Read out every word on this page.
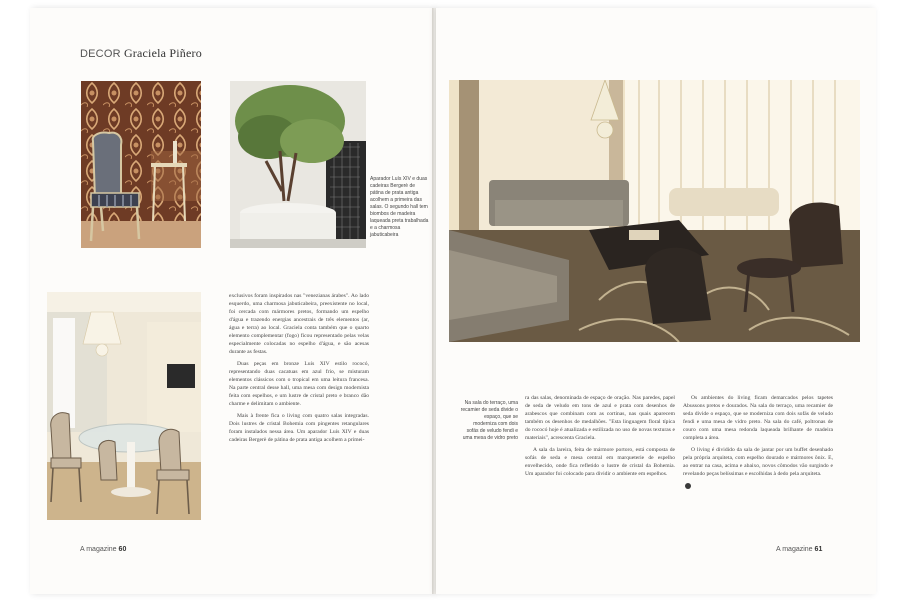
DECOR Graciela Piñero
Aparador Luís XIV e duas cadeiras Bergerè de pátina de prata antiga acolhem a primeira das salas. O segundo hall tem biombos de madeira laqueada preta trabalhada e a charmosa jabuticabeira

exclusivos foram inspirados nas "venezianas árabes". Ao lado esquerdo, uma charmosa jabuticabeira, preexistente no local, foi cercada com mármores pretos, formando um espelho d'água e trazendo energias ancestrais de três elementos (ar, água e terra) ao local. Graciela conta também que o quarto elemento complementar (fogo) ficou representado pelas velas especialmente colocadas no espelho d'água, e são acesas durante as festas.

Duas peças em bronze Luís XIV estilo rococó, representando duas cacatuas em azul frio, se misturam elementos clássicos com o tropical em uma leitura francesa. Na parte central desse hall, uma mesa com design modernista feita com espelhos, e um lustre de cristal preto e branco dão charme e delimitam o ambiente.

Mais à frente fica o living com quatro salas integradas. Dois lustres de cristal Bohemia com pingentes retangulares foram instalados nessa área. Um aparador Luís XIV e duas cadeiras Bergerè de pátina de prata antiga acolhem a primei-

Na sala do terraço, uma recamier de seda divide o espaço, que se moderniza com dois sofás de veludo fendi e uma mesa de vidro preto

ra das salas, denominada de espaço de oração. Nas paredes, papel de seda de veludo em tons de azul e prata com desenhos de arabescos que combinam com as cortinas, nas quais aparecem também os desenhos de medalhões. "Esta linguagem floral típica do rococó hoje é atualizada e estilizada no uso de novas texturas e materiais", acrescenta Graciela.

A sala da lareira, feita de mármore portoro, está composta de sofás de seda e mesa central em marqueterie de espelho envelhecido, onde fica refletido o lustre de cristal da Bohemia. Um aparador foi colocado para dividir o ambiente em espelhos.

Os ambientes do living ficam demarcados pelos tapetes Abussons pretos e dourados. Na sala do terraço, uma recamier de seda divide o espaço, que se moderniza com dois sofás de veludo fendi e uma mesa de vidro preto. Na sala do café, poltronas de couro com uma mesa redonda laqueada brilhante de madeira completa a área.

O living é dividido da sala de jantar por um buffet desenhado pela própria arquiteta, com espelho dourado e mármores ônix. E, ao entrar na casa, acima e abaixo, novos cômodos vão surgindo e revelando peças belíssimas e escolhidas à dedo pela arquiteta.

A magazine 60	A magazine 61
